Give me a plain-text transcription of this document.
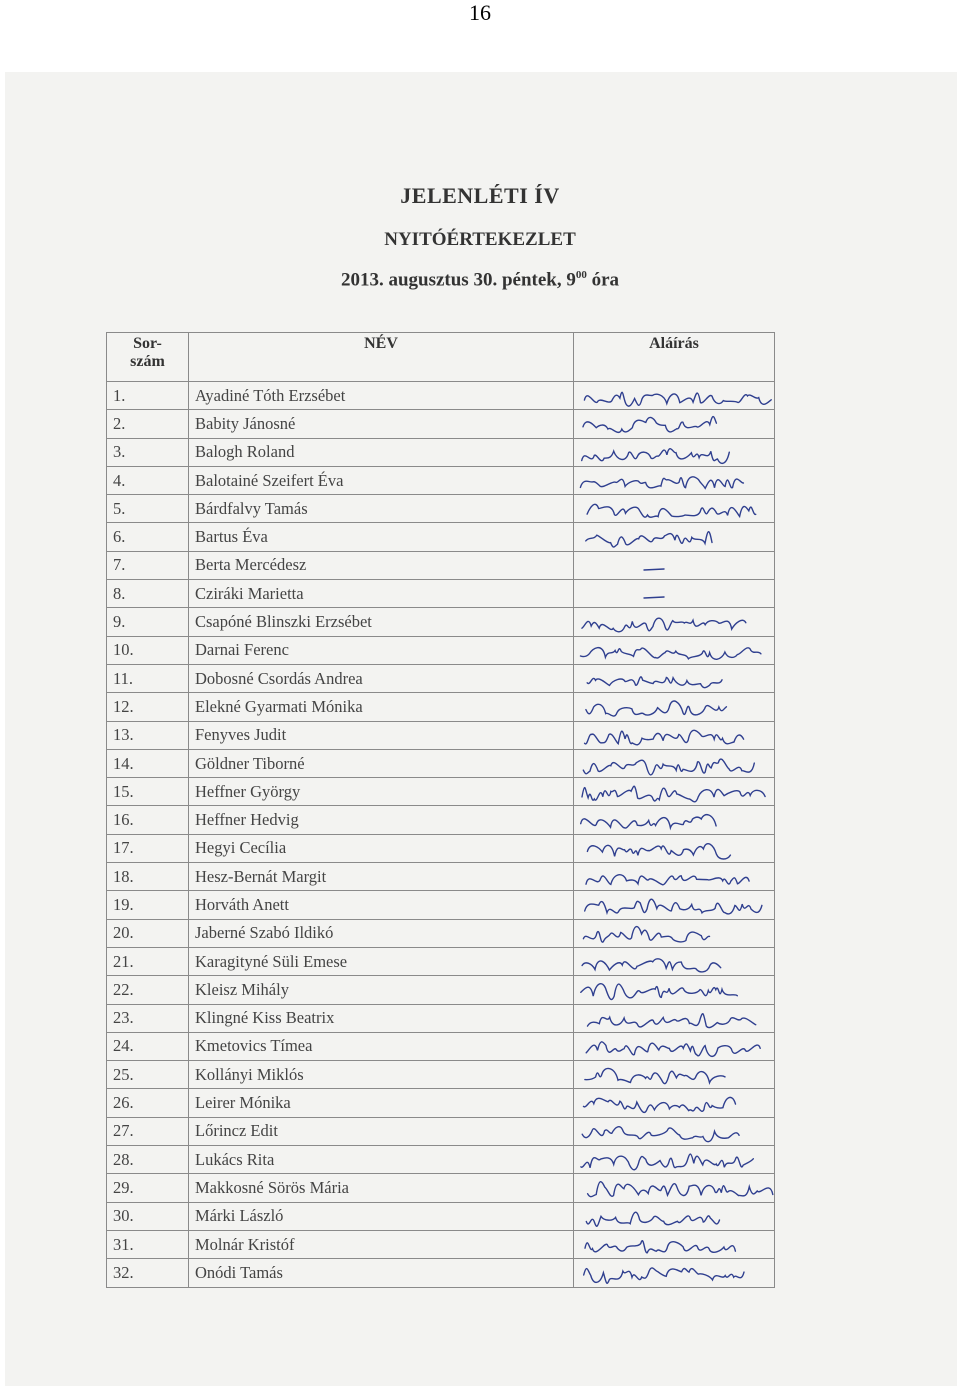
16
JELENLÉTI ÍV
NYITÓÉRTEKEZLET
2013. augusztus 30. péntek, $9^{00}$ óra
Sor-
szám	NÉV	Aláírás
1.	Ayadiné Tóth Erzsébet	

2.	Babity Jánosné	

3.	Balogh Roland	

4.	Balotainé Szeifert Éva	

5.	Bárdfalvy Tamás	

6.	Bartus Éva	

7.	Berta Mercédesz	

8.	Cziráki Marietta	

9.	Csapóné Blinszki Erzsébet	

10.	Darnai Ferenc	

11.	Dobosné Csordás Andrea	

12.	Elekné Gyarmati Mónika	

13.	Fenyves Judit	

14.	Göldner Tiborné	

15.	Heffner György	

16.	Heffner Hedvig	

17.	Hegyi Cecília	

18.	Hesz-Bernát Margit	

19.	Horváth Anett	

20.	Jaberné Szabó Ildikó	

21.	Karagityné Süli Emese	

22.	Kleisz Mihály	

23.	Klingné Kiss Beatrix	

24.	Kmetovics Tímea	

25.	Kollányi Miklós	

26.	Leirer Mónika	

27.	Lőrincz Edit	

28.	Lukács Rita	

29.	Makkosné Sörös Mária	

30.	Márki László	

31.	Molnár Kristóf	

32.	Onódi Tamás	
